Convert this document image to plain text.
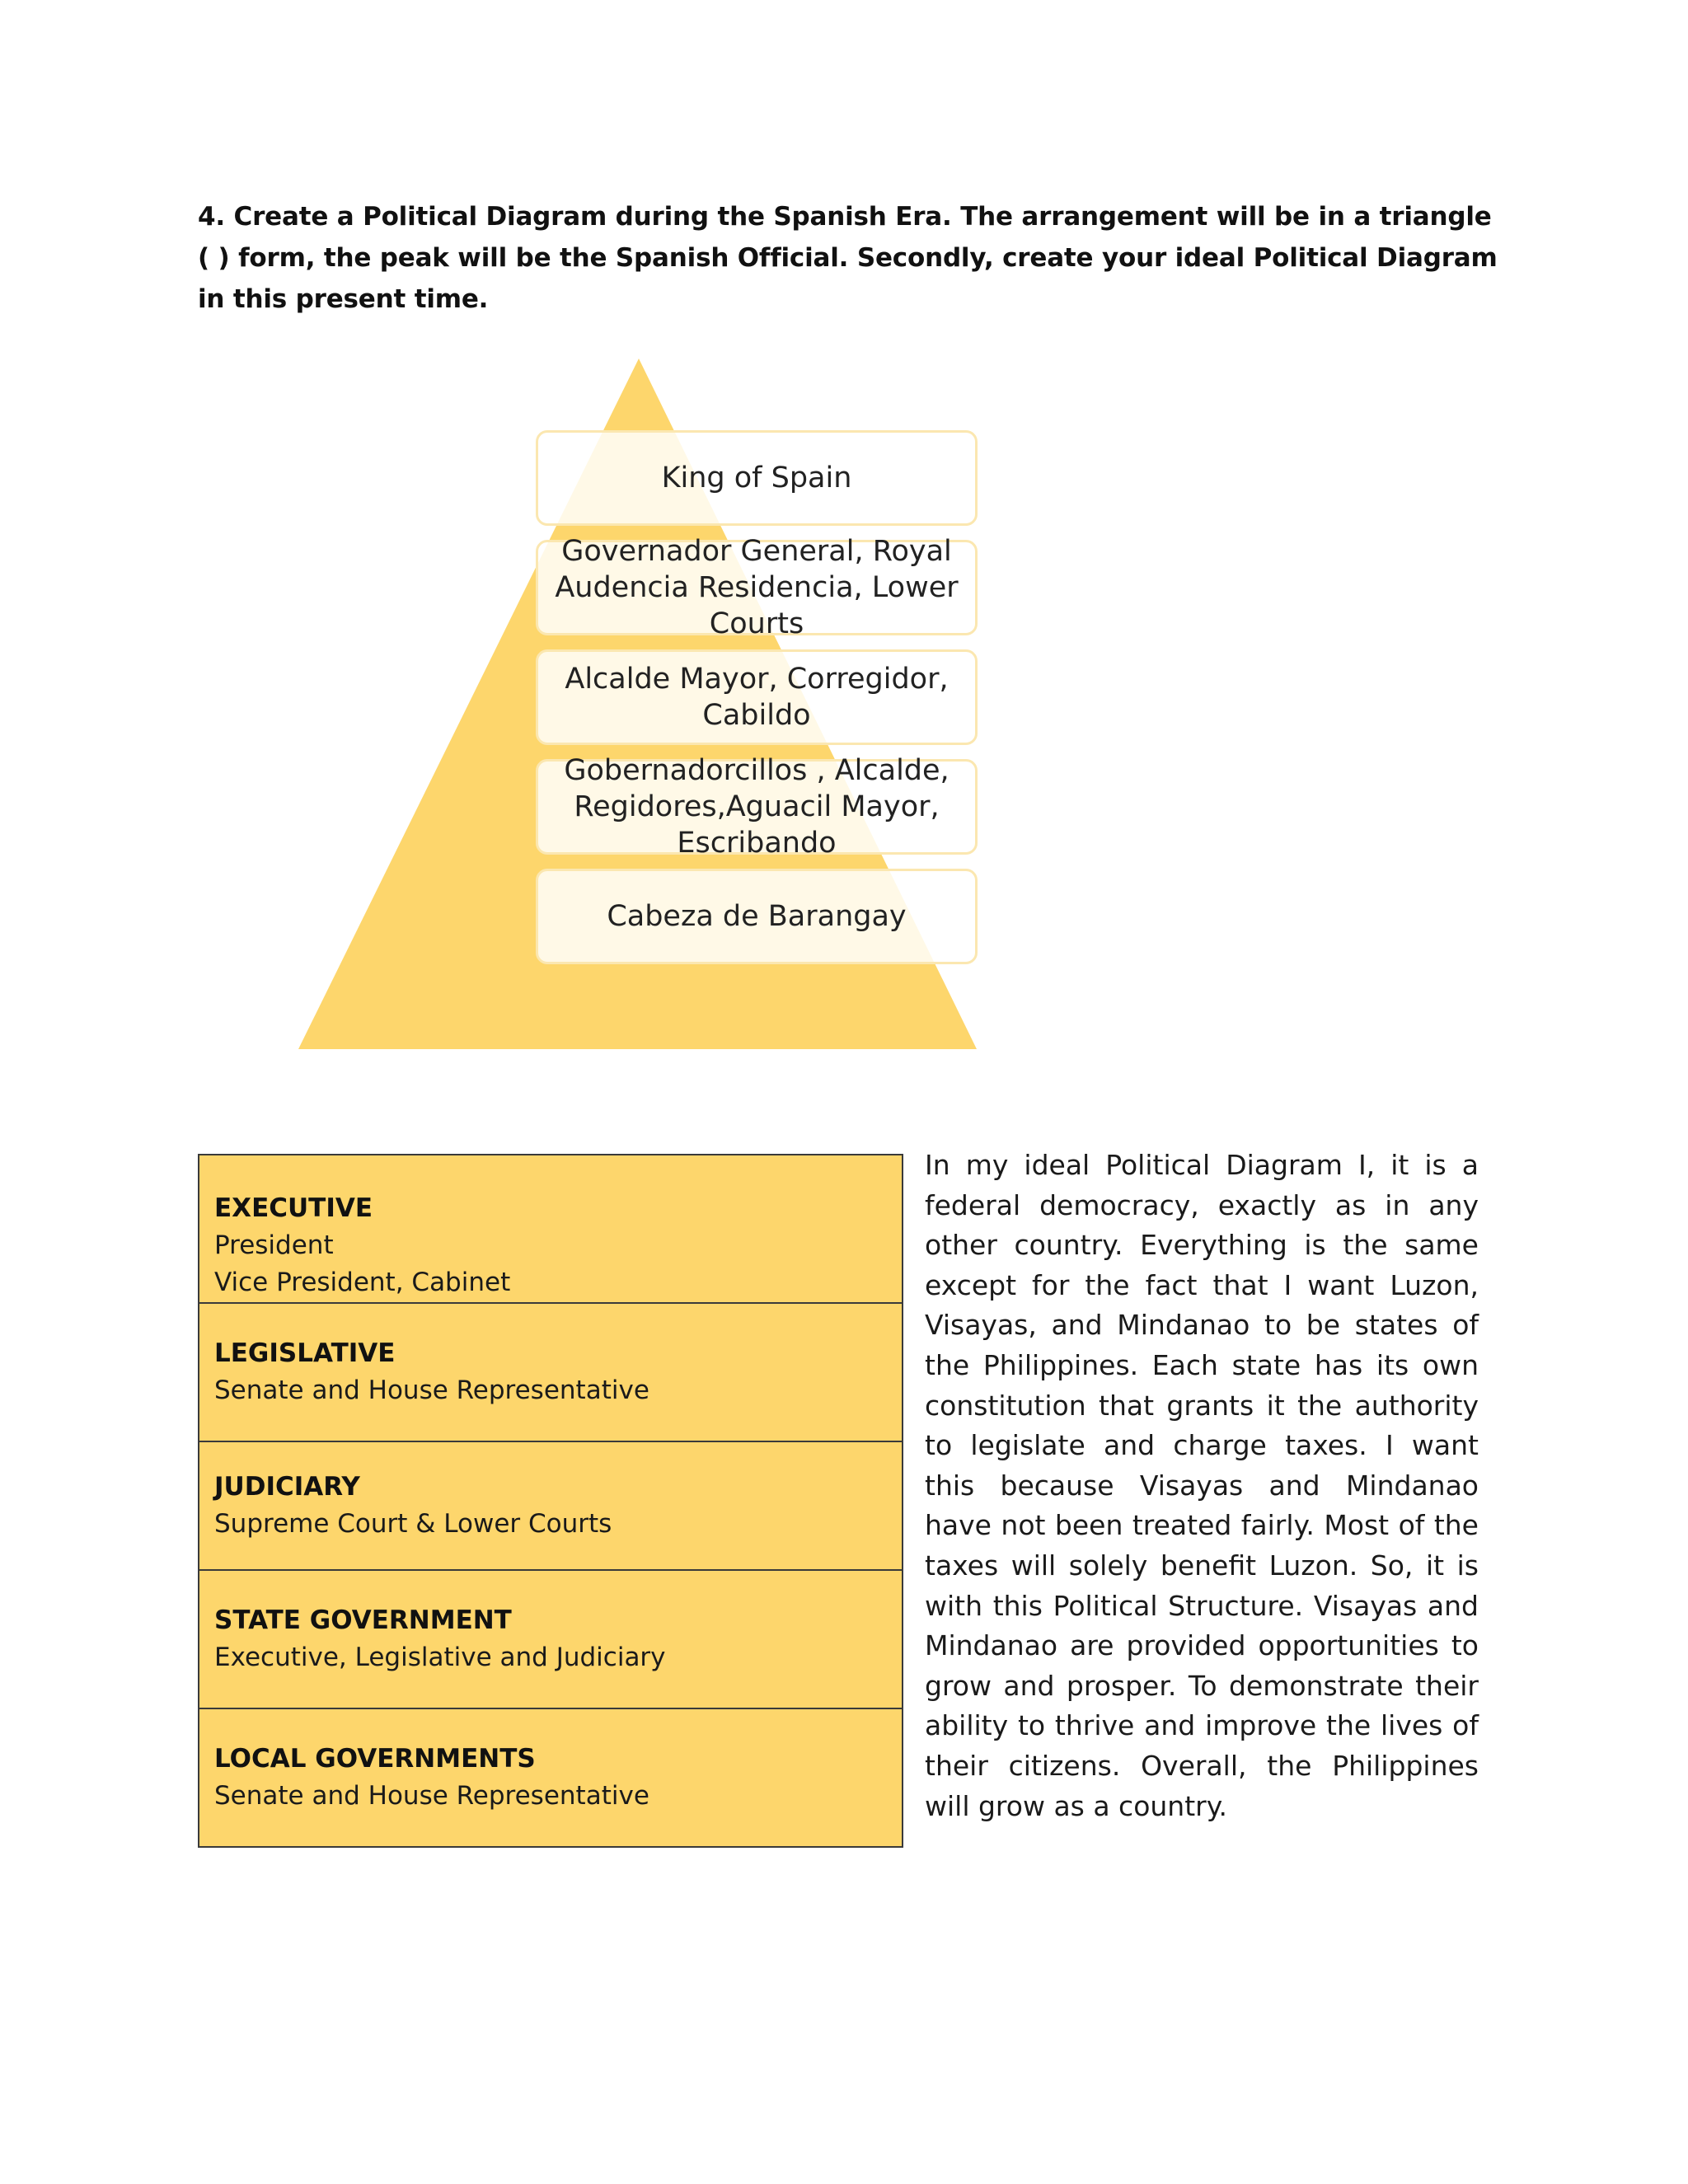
4. Create a Political Diagram during the Spanish Era. The arrangement will be in a triangle ( ) form, the peak will be the Spanish Official. Secondly, create your ideal Political Diagram in this present time.

King of Spain
Governador General, Royal Audencia Residencia, Lower Courts
Alcalde Mayor, Corregidor, Cabildo
Gobernadorcillos , Alcalde, Regidores,Aguacil Mayor, Escribando
Cabeza de Barangay
EXECUTIVE
President
Vice President, Cabinet

LEGISLATIVE
Senate and House Representative

JUDICIARY
Supreme Court & Lower Courts

STATE GOVERNMENT
Executive, Legislative and Judiciary

LOCAL GOVERNMENTS
Senate and House Representative

In my ideal Political Diagram I, it is a federal democracy, exactly as in any other country. Everything is the same except for the fact that I want Luzon, Visayas, and Mindanao to be states of the Philippines. Each state has its own constitution that grants it the authority to legislate and charge taxes. I want this because Visayas and Mindanao have not been treated fairly. Most of the taxes will solely benefit Luzon. So, it is with this Political Structure. Visayas and Mindanao are provided opportunities to grow and prosper. To demonstrate their ability to thrive and improve the lives of their citizens. Overall, the Philippines will grow as a country.
